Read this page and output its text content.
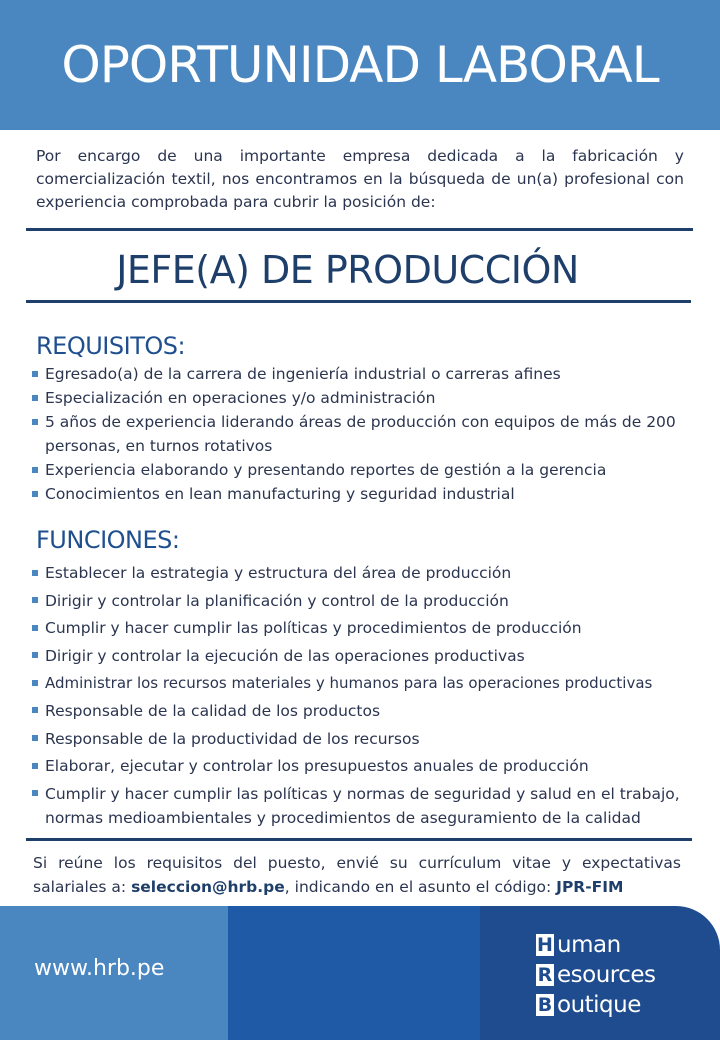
OPORTUNIDAD LABORAL
Por encargo de una importante empresa dedicada a la fabricación y comercialización textil, nos encontramos en la búsqueda de un(a) profesional con experiencia comprobada para cubrir la posición de:
JEFE(A) DE PRODUCCIÓN
REQUISITOS:
Egresado(a) de la carrera de ingeniería industrial o carreras afines
Especialización en operaciones y/o administración
5 años de experiencia liderando áreas de producción con equipos de más de 200 personas, en turnos rotativos
Experiencia elaborando y presentando reportes de gestión a la gerencia
Conocimientos en lean manufacturing y seguridad industrial
FUNCIONES:
Establecer la estrategia y estructura del área de producción
Dirigir y controlar la planificación y control de la producción
Cumplir y hacer cumplir las políticas y procedimientos de producción
Dirigir y controlar la ejecución de las operaciones productivas
Administrar los recursos materiales y humanos para las operaciones productivas
Responsable de la calidad de los productos
Responsable de la productividad de los recursos
Elaborar, ejecutar y controlar los presupuestos anuales de producción
Cumplir y hacer cumplir las políticas y normas de seguridad y salud en el trabajo, normas medioambientales y procedimientos de aseguramiento de la calidad
Si reúne los requisitos del puesto, envié su currículum vitae y expectativas salariales a: seleccion@hrb.pe, indicando en el asunto el código: JPR-FIM
www.hrb.pe
H uman
R esources
B outique
